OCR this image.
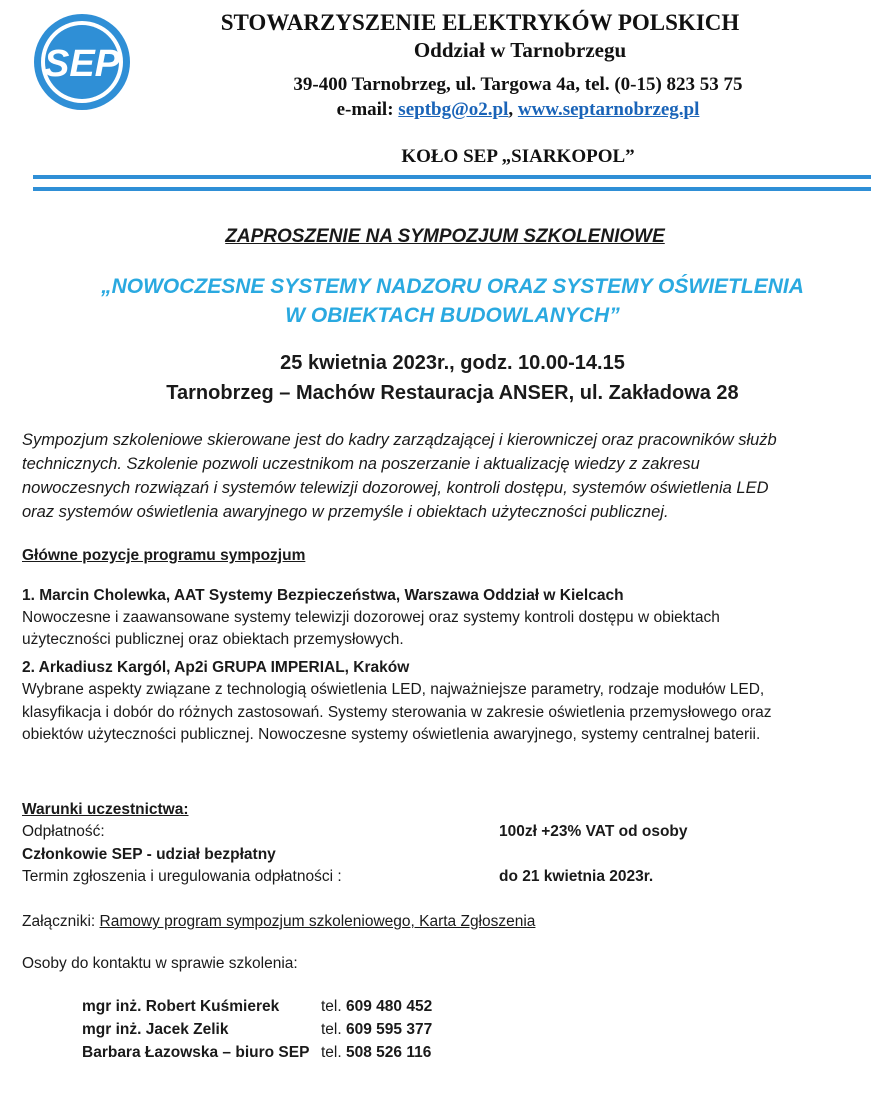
SEP
STOWARZYSZENIE ELEKTRYKÓW POLSKICH
Oddział w Tarnobrzegu
39-400 Tarnobrzeg, ul. Targowa 4a, tel. (0-15) 823 53 75
e-mail: septbg@o2.pl, www.septarnobrzeg.pl
KOŁO SEP „SIARKOPOL”
ZAPROSZENIE NA SYMPOZJUM SZKOLENIOWE
„NOWOCZESNE SYSTEMY NADZORU ORAZ SYSTEMY OŚWIETLENIA
W OBIEKTACH BUDOWLANYCH”
25 kwietnia 2023r., godz. 10.00-14.15
Tarnobrzeg – Machów Restauracja ANSER, ul. Zakładowa 28
Sympozjum szkoleniowe skierowane jest do kadry zarządzającej i kierowniczej oraz pracowników służb
technicznych. Szkolenie pozwoli uczestnikom na poszerzanie i aktualizację wiedzy z zakresu
nowoczesnych rozwiązań i systemów telewizji dozorowej, kontroli dostępu, systemów oświetlenia LED
oraz systemów oświetlenia awaryjnego w przemyśle i obiektach użyteczności publicznej.
Główne pozycje programu sympozjum
1. Marcin Cholewka, AAT Systemy Bezpieczeństwa, Warszawa Oddział w Kielcach
Nowoczesne i zaawansowane systemy telewizji dozorowej oraz systemy kontroli dostępu w obiektach
użyteczności publicznej oraz obiektach przemysłowych.
2. Arkadiusz Kargól, Ap2i GRUPA IMPERIAL, Kraków
Wybrane aspekty związane z technologią oświetlenia LED, najważniejsze parametry, rodzaje modułów LED,
klasyfikacja i dobór do różnych zastosowań. Systemy sterowania w zakresie oświetlenia przemysłowego oraz
obiektów użyteczności publicznej. Nowoczesne systemy oświetlenia awaryjnego, systemy centralnej baterii.
Warunki uczestnictwa:
Odpłatność:	100zł +23% VAT od osoby
Członkowie SEP - udział bezpłatny
Termin zgłoszenia i uregulowania odpłatności :	do 21 kwietnia 2023r.
Załączniki: Ramowy program sympozjum szkoleniowego, Karta Zgłoszenia
Osoby do kontaktu w sprawie szkolenia:
mgr inż. Robert Kuśmierek	tel. 609 480 452
mgr inż. Jacek Zelik	tel. 609 595 377
Barbara Łazowska – biuro SEP tel. 508 526 116
